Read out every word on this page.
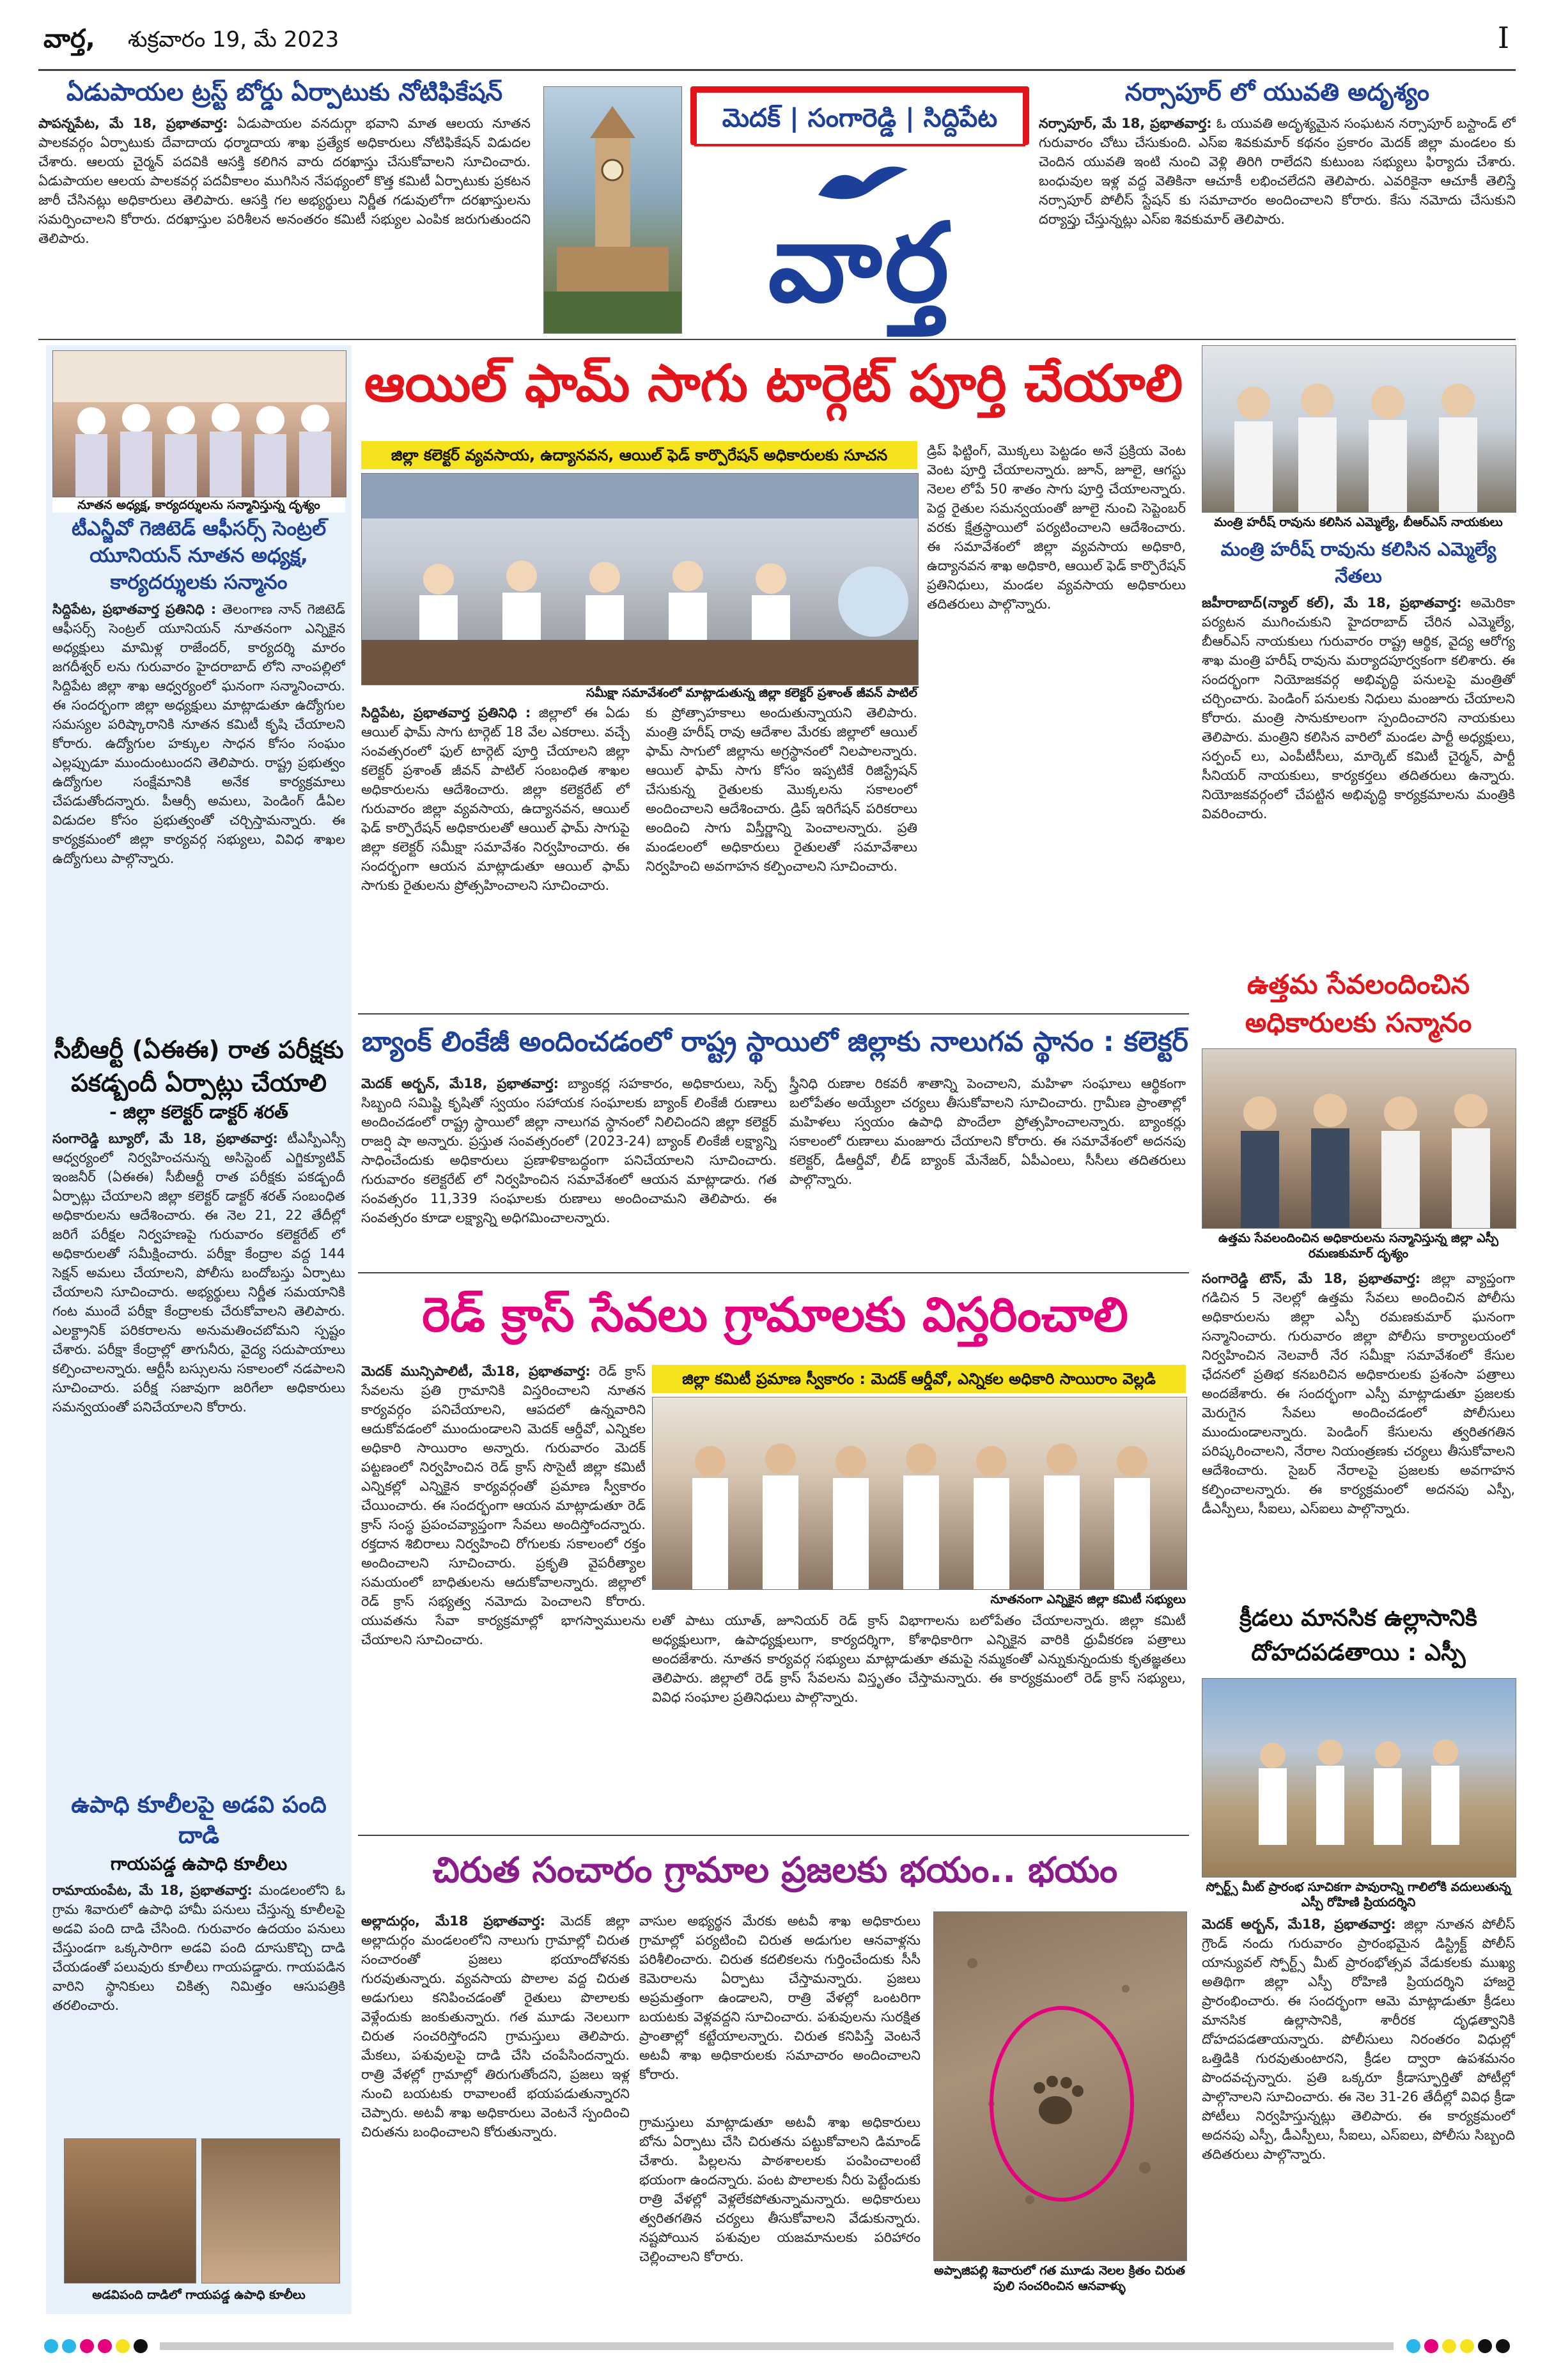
వార్త, శుక్రవారం 19, మే 2023	I
ఏడుపాయల ట్రస్ట్ బోర్డు ఏర్పాటుకు నోటిఫికేషన్
పాపన్నపేట, మే 18, ప్రభాతవార్త: ఏడుపాయల వనదుర్గా భవాని మాత ఆలయ నూతన పాలకవర్గం ఏర్పాటుకు దేవాదాయ ధర్మాదాయ శాఖ ప్రత్యేక అధికారులు నోటిఫికేషన్ విడుదల చేశారు. ఆలయ చైర్మన్ పదవికి ఆసక్తి కలిగిన వారు దరఖాస్తు చేసుకోవాలని సూచించారు. ఏడుపాయల ఆలయ పాలకవర్గ పదవీకాలం ముగిసిన నేపథ్యంలో కొత్త కమిటీ ఏర్పాటుకు ప్రకటన జారీ చేసినట్లు అధికారులు తెలిపారు. ఆసక్తి గల అభ్యర్థులు నిర్ణీత గడువులోగా దరఖాస్తులను సమర్పించాలని కోరారు. దరఖాస్తుల పరిశీలన అనంతరం కమిటీ సభ్యుల ఎంపిక జరుగుతుందని తెలిపారు.
మెదక్ | సంగారెడ్డి | సిద్దిపేట
వార్త
నర్సాపూర్ లో యువతి అదృశ్యం
నర్సాపూర్, మే 18, ప్రభాతవార్త: ఓ యువతి అదృశ్యమైన సంఘటన నర్సాపూర్ బస్టాండ్ లో గురువారం చోటు చేసుకుంది. ఎస్ఐ శివకుమార్ కథనం ప్రకారం మెదక్ జిల్లా మండలం కు చెందిన యువతి ఇంటి నుంచి వెళ్లి తిరిగి రాలేదని కుటుంబ సభ్యులు ఫిర్యాదు చేశారు. బంధువుల ఇళ్ల వద్ద వెతికినా ఆచూకీ లభించలేదని తెలిపారు. ఎవరికైనా ఆచూకీ తెలిస్తే నర్సాపూర్ పోలీస్ స్టేషన్ కు సమాచారం అందించాలని కోరారు. కేసు నమోదు చేసుకుని దర్యాప్తు చేస్తున్నట్లు ఎస్ఐ శివకుమార్ తెలిపారు.
నూతన అధ్యక్ష, కార్యదర్శులను సన్మానిస్తున్న దృశ్యం
టీఎన్జీవో గెజిటెడ్ ఆఫీసర్స్ సెంట్రల్ యూనియన్ నూతన అధ్యక్ష, కార్యదర్శులకు సన్మానం
సిద్దిపేట, ప్రభాతవార్త ప్రతినిధి : తెలంగాణ నాన్ గెజిటెడ్ ఆఫీసర్స్ సెంట్రల్ యూనియన్ నూతనంగా ఎన్నికైన అధ్యక్షులు మామిళ్ల రాజేందర్, కార్యదర్శి మారం జగదీశ్వర్ లను గురువారం హైదరాబాద్ లోని నాంపల్లిలో సిద్దిపేట జిల్లా శాఖ ఆధ్వర్యంలో ఘనంగా సన్మానించారు. ఈ సందర్భంగా జిల్లా అధ్యక్షులు మాట్లాడుతూ ఉద్యోగుల సమస్యల పరిష్కారానికి నూతన కమిటీ కృషి చేయాలని కోరారు. ఉద్యోగుల హక్కుల సాధన కోసం సంఘం ఎల్లప్పుడూ ముందుంటుందని తెలిపారు. రాష్ట్ర ప్రభుత్వం ఉద్యోగుల సంక్షేమానికి అనేక కార్యక్రమాలు చేపడుతోందన్నారు. పీఆర్సీ అమలు, పెండింగ్ డీఏల విడుదల కోసం ప్రభుత్వంతో చర్చిస్తామన్నారు. ఈ కార్యక్రమంలో జిల్లా కార్యవర్గ సభ్యులు, వివిధ శాఖల ఉద్యోగులు పాల్గొన్నారు.
సీబీఆర్టీ (ఏఈఈ) రాత పరీక్షకు పకడ్బందీ ఏర్పాట్లు చేయాలి
- జిల్లా కలెక్టర్ డాక్టర్ శరత్
సంగారెడ్డి బ్యూరో, మే 18, ప్రభాతవార్త: టీఎస్పీఎస్సీ ఆధ్వర్యంలో నిర్వహించనున్న అసిస్టెంట్ ఎగ్జిక్యూటివ్ ఇంజనీర్ (ఏఈఈ) సీబీఆర్టీ రాత పరీక్షకు పకడ్బందీ ఏర్పాట్లు చేయాలని జిల్లా కలెక్టర్ డాక్టర్ శరత్ సంబంధిత అధికారులను ఆదేశించారు. ఈ నెల 21, 22 తేదీల్లో జరిగే పరీక్షల నిర్వహణపై గురువారం కలెక్టరేట్ లో అధికారులతో సమీక్షించారు. పరీక్షా కేంద్రాల వద్ద 144 సెక్షన్ అమలు చేయాలని, పోలీసు బందోబస్తు ఏర్పాటు చేయాలని సూచించారు. అభ్యర్థులు నిర్ణీత సమయానికి గంట ముందే పరీక్షా కేంద్రాలకు చేరుకోవాలని తెలిపారు. ఎలక్ట్రానిక్ పరికరాలను అనుమతించబోమని స్పష్టం చేశారు. పరీక్షా కేంద్రాల్లో తాగునీరు, వైద్య సదుపాయాలు కల్పించాలన్నారు. ఆర్టీసీ బస్సులను సకాలంలో నడపాలని సూచించారు. పరీక్ష సజావుగా జరిగేలా అధికారులు సమన్వయంతో పనిచేయాలని కోరారు.
ఉపాధి కూలీలపై అడవి పంది దాడి
గాయపడ్డ ఉపాధి కూలీలు
రామాయంపేట, మే 18, ప్రభాతవార్త: మండలంలోని ఓ గ్రామ శివారులో ఉపాధి హామీ పనులు చేస్తున్న కూలీలపై అడవి పంది దాడి చేసింది. గురువారం ఉదయం పనులు చేస్తుండగా ఒక్కసారిగా అడవి పంది దూసుకొచ్చి దాడి చేయడంతో పలువురు కూలీలు గాయపడ్డారు. గాయపడిన వారిని స్థానికులు చికిత్స నిమిత్తం ఆసుపత్రికి తరలించారు.
అడవిపంది దాడిలో గాయపడ్డ ఉపాధి కూలీలు
ఆయిల్ ఫామ్ సాగు టార్గెట్ పూర్తి చేయాలి
జిల్లా కలెక్టర్ వ్యవసాయ, ఉద్యానవన, ఆయిల్ ఫెడ్ కార్పొరేషన్ అధికారులకు సూచన
సమీక్షా సమావేశంలో మాట్లాడుతున్న జిల్లా కలెక్టర్ ప్రశాంత్ జీవన్ పాటిల్
సిద్దిపేట, ప్రభాతవార్త ప్రతినిధి : జిల్లాలో ఈ ఏడు ఆయిల్ ఫామ్ సాగు టార్గెట్ 18 వేల ఎకరాలు. వచ్చే సంవత్సరంలో ఫుల్ టార్గెట్ పూర్తి చేయాలని జిల్లా కలెక్టర్ ప్రశాంత్ జీవన్ పాటిల్ సంబంధిత శాఖల అధికారులను ఆదేశించారు. జిల్లా కలెక్టరేట్ లో గురువారం జిల్లా వ్యవసాయ, ఉద్యానవన, ఆయిల్ ఫెడ్ కార్పొరేషన్ అధికారులతో ఆయిల్ ఫామ్ సాగుపై జిల్లా కలెక్టర్ సమీక్షా సమావేశం నిర్వహించారు. ఈ సందర్భంగా ఆయన మాట్లాడుతూ ఆయిల్ ఫామ్ సాగుకు రైతులను ప్రోత్సహించాలని సూచించారు.
కు ప్రోత్సాహకాలు అందుతున్నాయని తెలిపారు. మంత్రి హరీష్ రావు ఆదేశాల మేరకు జిల్లాలో ఆయిల్ ఫామ్ సాగులో జిల్లాను అగ్రస్థానంలో నిలపాలన్నారు. ఆయిల్ ఫామ్ సాగు కోసం ఇప్పటికే రిజిస్ట్రేషన్ చేసుకున్న రైతులకు మొక్కలను సకాలంలో అందించాలని ఆదేశించారు. డ్రిప్ ఇరిగేషన్ పరికరాలు అందించి సాగు విస్తీర్ణాన్ని పెంచాలన్నారు. ప్రతి మండలంలో అధికారులు రైతులతో సమావేశాలు నిర్వహించి అవగాహన కల్పించాలని సూచించారు.
డ్రిప్ ఫిట్టింగ్, మొక్కలు పెట్టడం అనే ప్రక్రియ వెంట వెంట పూర్తి చేయాలన్నారు. జూన్, జూలై, ఆగస్టు నెలల లోపే 50 శాతం సాగు పూర్తి చేయాలన్నారు. పెద్ద రైతుల సమన్వయంతో జూలై నుంచి సెప్టెంబర్ వరకు క్షేత్రస్థాయిలో పర్యటించాలని ఆదేశించారు. ఈ సమావేశంలో జిల్లా వ్యవసాయ అధికారి, ఉద్యానవన శాఖ అధికారి, ఆయిల్ ఫెడ్ కార్పొరేషన్ ప్రతినిధులు, మండల వ్యవసాయ అధికారులు తదితరులు పాల్గొన్నారు.
మంత్రి హరీష్ రావును కలిసిన ఎమ్మెల్యే, బీఆర్ఎస్ నాయకులు
మంత్రి హరీష్ రావును కలిసిన ఎమ్మెల్యే నేతలు
జహీరాబాద్(న్యాల్ కల్), మే 18, ప్రభాతవార్త: అమెరికా పర్యటన ముగించుకుని హైదరాబాద్ చేరిన ఎమ్మెల్యే, బీఆర్ఎస్ నాయకులు గురువారం రాష్ట్ర ఆర్థిక, వైద్య ఆరోగ్య శాఖ మంత్రి హరీష్ రావును మర్యాదపూర్వకంగా కలిశారు. ఈ సందర్భంగా నియోజకవర్గ అభివృద్ధి పనులపై మంత్రితో చర్చించారు. పెండింగ్ పనులకు నిధులు మంజూరు చేయాలని కోరారు. మంత్రి సానుకూలంగా స్పందించారని నాయకులు తెలిపారు. మంత్రిని కలిసిన వారిలో మండల పార్టీ అధ్యక్షులు, సర్పంచ్ లు, ఎంపీటీసీలు, మార్కెట్ కమిటీ చైర్మన్, పార్టీ సీనియర్ నాయకులు, కార్యకర్తలు తదితరులు ఉన్నారు. నియోజకవర్గంలో చేపట్టిన అభివృద్ధి కార్యక్రమాలను మంత్రికి వివరించారు.
ఉత్తమ సేవలందించిన అధికారులకు సన్మానం
ఉత్తమ సేవలందించిన అధికారులను సన్మానిస్తున్న జిల్లా ఎస్పీ రమణకుమార్ దృశ్యం
సంగారెడ్డి టౌన్, మే 18, ప్రభాతవార్త: జిల్లా వ్యాప్తంగా గడిచిన 5 నెలల్లో ఉత్తమ సేవలు అందించిన పోలీసు అధికారులను జిల్లా ఎస్పీ రమణకుమార్ ఘనంగా సన్మానించారు. గురువారం జిల్లా పోలీసు కార్యాలయంలో నిర్వహించిన నెలవారీ నేర సమీక్షా సమావేశంలో కేసుల ఛేదనలో ప్రతిభ కనబరిచిన అధికారులకు ప్రశంసా పత్రాలు అందజేశారు. ఈ సందర్భంగా ఎస్పీ మాట్లాడుతూ ప్రజలకు మెరుగైన సేవలు అందించడంలో పోలీసులు ముందుండాలన్నారు. పెండింగ్ కేసులను త్వరితగతిన పరిష్కరించాలని, నేరాల నియంత్రణకు చర్యలు తీసుకోవాలని ఆదేశించారు. సైబర్ నేరాలపై ప్రజలకు అవగాహన కల్పించాలన్నారు. ఈ కార్యక్రమంలో అదనపు ఎస్పీ, డీఎస్పీలు, సీఐలు, ఎస్ఐలు పాల్గొన్నారు.
క్రీడలు మానసిక ఉల్లాసానికి దోహదపడతాయి : ఎస్పీ
స్పోర్ట్స్ మీట్ ప్రారంభ సూచికగా పావురాన్ని గాలిలోకి వదులుతున్న ఎస్పీ రోహిణి ప్రియదర్శిని
మెదక్ అర్బన్, మే18, ప్రభాతవార్త: జిల్లా నూతన పోలీస్ గ్రౌండ్ నందు గురువారం ప్రారంభమైన డిస్ట్రిక్ట్ పోలీస్ యాన్యువల్ స్పోర్ట్స్ మీట్ ప్రారంభోత్సవ వేడుకలకు ముఖ్య అతిథిగా జిల్లా ఎస్పీ రోహిణి ప్రియదర్శిని హాజరై ప్రారంభించారు. ఈ సందర్భంగా ఆమె మాట్లాడుతూ క్రీడలు మానసిక ఉల్లాసానికి, శారీరక దృఢత్వానికి దోహదపడతాయన్నారు. పోలీసులు నిరంతరం విధుల్లో ఒత్తిడికి గురవుతుంటారని, క్రీడల ద్వారా ఉపశమనం పొందవచ్చన్నారు. ప్రతి ఒక్కరూ క్రీడాస్ఫూర్తితో పోటీల్లో పాల్గొనాలని సూచించారు. ఈ నెల 31-26 తేదీల్లో వివిధ క్రీడా పోటీలు నిర్వహిస్తున్నట్లు తెలిపారు. ఈ కార్యక్రమంలో అదనపు ఎస్పీ, డీఎస్పీలు, సీఐలు, ఎస్ఐలు, పోలీసు సిబ్బంది తదితరులు పాల్గొన్నారు.
బ్యాంక్ లింకేజీ అందించడంలో రాష్ట్ర స్థాయిలో జిల్లాకు నాలుగవ స్థానం : కలెక్టర్
మెదక్ అర్బన్, మే18, ప్రభాతవార్త: బ్యాంకర్ల సహకారం, అధికారులు, సెర్ప్ సిబ్బంది సమిష్టి కృషితో స్వయం సహాయక సంఘాలకు బ్యాంక్ లింకేజీ రుణాలు అందించడంలో రాష్ట్ర స్థాయిలో జిల్లా నాలుగవ స్థానంలో నిలిచిందని జిల్లా కలెక్టర్ రాజర్షి షా అన్నారు. ప్రస్తుత సంవత్సరంలో (2023-24) బ్యాంక్ లింకేజీ లక్ష్యాన్ని సాధించేందుకు అధికారులు ప్రణాళికాబద్ధంగా పనిచేయాలని సూచించారు. గురువారం కలెక్టరేట్ లో నిర్వహించిన సమావేశంలో ఆయన మాట్లాడారు. గత సంవత్సరం 11,339 సంఘాలకు రుణాలు అందించామని తెలిపారు. ఈ సంవత్సరం కూడా లక్ష్యాన్ని అధిగమించాలన్నారు.
స్త్రీనిధి రుణాల రికవరీ శాతాన్ని పెంచాలని, మహిళా సంఘాలు ఆర్థికంగా బలోపేతం అయ్యేలా చర్యలు తీసుకోవాలని సూచించారు. గ్రామీణ ప్రాంతాల్లో మహిళలు స్వయం ఉపాధి పొందేలా ప్రోత్సహించాలన్నారు. బ్యాంకర్లు సకాలంలో రుణాలు మంజూరు చేయాలని కోరారు. ఈ సమావేశంలో అదనపు కలెక్టర్, డీఆర్డీవో, లీడ్ బ్యాంక్ మేనేజర్, ఏపీఎంలు, సీసీలు తదితరులు పాల్గొన్నారు.
రెడ్ క్రాస్ సేవలు గ్రామాలకు విస్తరించాలి
మెదక్ మున్సిపాలిటీ, మే18, ప్రభాతవార్త: రెడ్ క్రాస్ సేవలను ప్రతి గ్రామానికి విస్తరించాలని నూతన కార్యవర్గం పనిచేయాలని, ఆపదలో ఉన్నవారిని ఆదుకోవడంలో ముందుండాలని మెదక్ ఆర్డీవో, ఎన్నికల అధికారి సాయిరాం అన్నారు. గురువారం మెదక్ పట్టణంలో నిర్వహించిన రెడ్ క్రాస్ సొసైటీ జిల్లా కమిటీ ఎన్నికల్లో ఎన్నికైన కార్యవర్గంతో ప్రమాణ స్వీకారం చేయించారు. ఈ సందర్భంగా ఆయన మాట్లాడుతూ రెడ్ క్రాస్ సంస్థ ప్రపంచవ్యాప్తంగా సేవలు అందిస్తోందన్నారు. రక్తదాన శిబిరాలు నిర్వహించి రోగులకు సకాలంలో రక్తం అందించాలని సూచించారు. ప్రకృతి వైపరీత్యాల సమయంలో బాధితులను ఆదుకోవాలన్నారు. జిల్లాలో రెడ్ క్రాస్ సభ్యత్వ నమోదు పెంచాలని కోరారు. యువతను సేవా కార్యక్రమాల్లో భాగస్వాములను చేయాలని సూచించారు.
జిల్లా కమిటీ ప్రమాణ స్వీకారం : మెదక్ ఆర్డీవో, ఎన్నికల అధికారి సాయిరాం వెల్లడి
నూతనంగా ఎన్నికైన జిల్లా కమిటీ సభ్యులు
లతో పాటు యూత్, జూనియర్ రెడ్ క్రాస్ విభాగాలను బలోపేతం చేయాలన్నారు. జిల్లా కమిటీ అధ్యక్షులుగా, ఉపాధ్యక్షులుగా, కార్యదర్శిగా, కోశాధికారిగా ఎన్నికైన వారికి ధ్రువీకరణ పత్రాలు అందజేశారు. నూతన కార్యవర్గ సభ్యులు మాట్లాడుతూ తమపై నమ్మకంతో ఎన్నుకున్నందుకు కృతజ్ఞతలు తెలిపారు. జిల్లాలో రెడ్ క్రాస్ సేవలను విస్తృతం చేస్తామన్నారు. ఈ కార్యక్రమంలో రెడ్ క్రాస్ సభ్యులు, వివిధ సంఘాల ప్రతినిధులు పాల్గొన్నారు.
చిరుత సంచారం గ్రామాల ప్రజలకు భయం.. భయం
అల్లాదుర్గం, మే18 ప్రభాతవార్త: మెదక్ జిల్లా అల్లాదుర్గం మండలంలోని నాలుగు గ్రామాల్లో చిరుత సంచారంతో ప్రజలు భయాందోళనకు గురవుతున్నారు. వ్యవసాయ పొలాల వద్ద చిరుత అడుగులు కనిపించడంతో రైతులు పొలాలకు వెళ్లేందుకు జంకుతున్నారు. గత మూడు నెలలుగా చిరుత సంచరిస్తోందని గ్రామస్తులు తెలిపారు. మేకలు, పశువులపై దాడి చేసి చంపేసిందన్నారు. రాత్రి వేళల్లో గ్రామాల్లో తిరుగుతోందని, ప్రజలు ఇళ్ల నుంచి బయటకు రావాలంటే భయపడుతున్నారని చెప్పారు. అటవీ శాఖ అధికారులు వెంటనే స్పందించి చిరుతను బంధించాలని కోరుతున్నారు.
వాసుల అభ్యర్థన మేరకు అటవీ శాఖ అధికారులు గ్రామాల్లో పర్యటించి చిరుత అడుగుల ఆనవాళ్లను పరిశీలించారు. చిరుత కదలికలను గుర్తించేందుకు సీసీ కెమెరాలను ఏర్పాటు చేస్తామన్నారు. ప్రజలు అప్రమత్తంగా ఉండాలని, రాత్రి వేళల్లో ఒంటరిగా బయటకు వెళ్లవద్దని సూచించారు. పశువులను సురక్షిత ప్రాంతాల్లో కట్టేయాలన్నారు. చిరుత కనిపిస్తే వెంటనే అటవీ శాఖ అధికారులకు సమాచారం అందించాలని కోరారు.
గ్రామస్తులు మాట్లాడుతూ అటవీ శాఖ అధికారులు బోను ఏర్పాటు చేసి చిరుతను పట్టుకోవాలని డిమాండ్ చేశారు. పిల్లలను పాఠశాలలకు పంపించాలంటే భయంగా ఉందన్నారు. పంట పొలాలకు నీరు పెట్టేందుకు రాత్రి వేళల్లో వెళ్లలేకపోతున్నామన్నారు. అధికారులు త్వరితగతిన చర్యలు తీసుకోవాలని వేడుకున్నారు. నష్టపోయిన పశువుల యజమానులకు పరిహారం చెల్లించాలని కోరారు.
అప్పాజిపల్లి శివారులో గత మూడు నెలల క్రితం చిరుత పులి సంచరించిన ఆనవాళ్ళు
